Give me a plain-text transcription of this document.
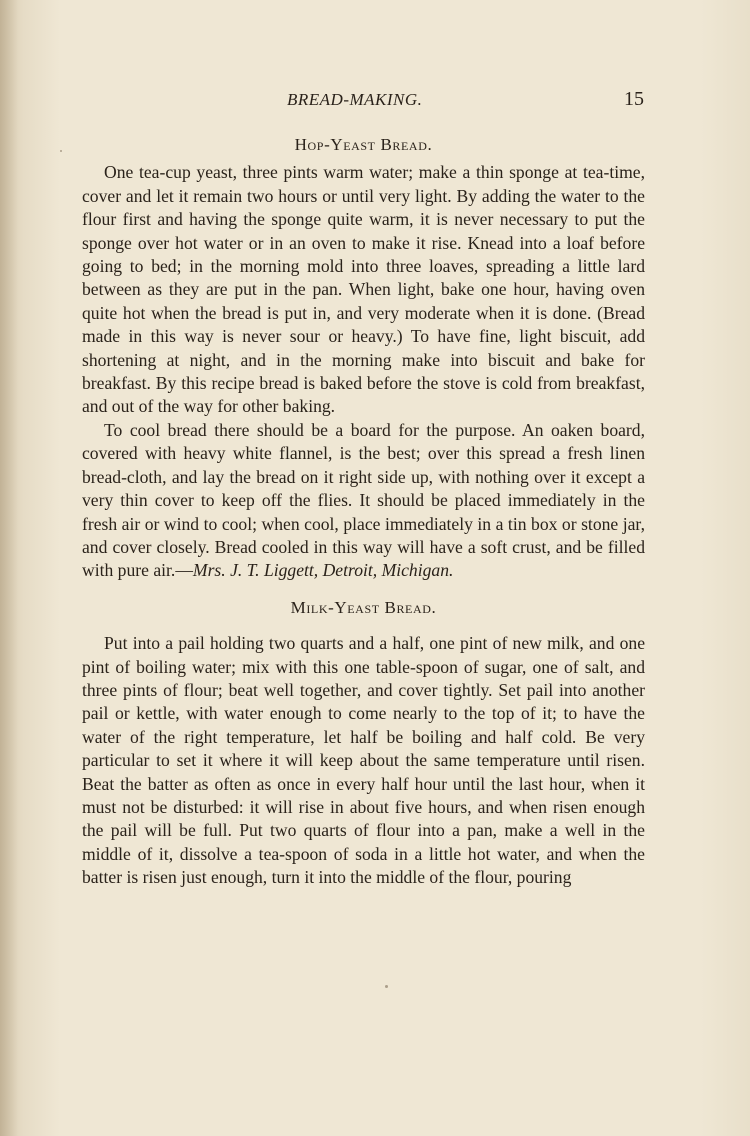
BREAD-MAKING.	15
Hop-Yeast Bread.

One tea-cup yeast, three pints warm water; make a thin sponge at tea-time, cover and let it remain two hours or until very light. By adding the water to the flour first and having the sponge quite warm, it is never necessary to put the sponge over hot water or in an oven to make it rise. Knead into a loaf before going to bed; in the morning mold into three loaves, spreading a little lard between as they are put in the pan. When light, bake one hour, having oven quite hot when the bread is put in, and very moderate when it is done. (Bread made in this way is never sour or heavy.) To have fine, light biscuit, add shortening at night, and in the morning make into biscuit and bake for breakfast. By this recipe bread is baked before the stove is cold from breakfast, and out of the way for other baking.

To cool bread there should be a board for the purpose. An oaken board, covered with heavy white flannel, is the best; over this spread a fresh linen bread-cloth, and lay the bread on it right side up, with nothing over it except a very thin cover to keep off the flies. It should be placed immediately in the fresh air or wind to cool; when cool, place immediately in a tin box or stone jar, and cover closely. Bread cooled in this way will have a soft crust, and be filled with pure air.—Mrs. J. T. Liggett, Detroit, Michigan.

Milk-Yeast Bread.

Put into a pail holding two quarts and a half, one pint of new milk, and one pint of boiling water; mix with this one table-spoon of sugar, one of salt, and three pints of flour; beat well together, and cover tightly. Set pail into another pail or kettle, with water enough to come nearly to the top of it; to have the water of the right temperature, let half be boiling and half cold. Be very particular to set it where it will keep about the same temperature until risen. Beat the batter as often as once in every half hour until the last hour, when it must not be disturbed: it will rise in about five hours, and when risen enough the pail will be full. Put two quarts of flour into a pan, make a well in the middle of it, dissolve a tea-spoon of soda in a little hot water, and when the batter is risen just enough, turn it into the middle of the flour, pouring
